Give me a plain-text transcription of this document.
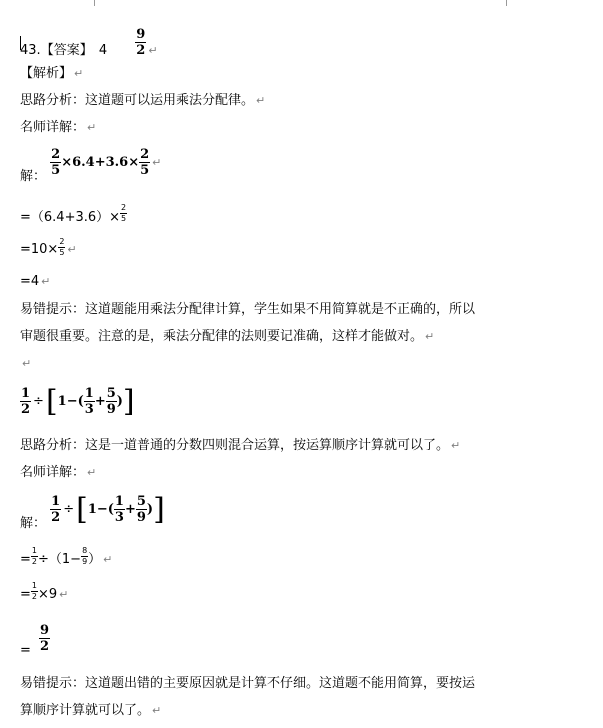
43.【答案】 $4 \frac{9}{2}$ ↵
【解析】 ↵
思路分析：这道题可以运用乘法分配律。 ↵
名师详解： ↵
解： $\frac{2}{5} \times 6.4+3.6\times \frac{2}{5}$ ↵
$=(6.4+3.6)\times \frac{2}{5}$
$=10\times \frac{2}{5}$ ↵
=4 ↵
易错提示：这道题能用乘法分配律计算，学生如果不用简算就是不正确的，所以
审题很重要。注意的是，乘法分配律的法则要记准确，这样才能做对。 ↵
↵
$\frac{1}{2} \div[1-( \frac{1}{3} + \frac{5}{9}$ )]
思路分析：这是一道普通的分数四则混合运算，按运算顺序计算就可以了。 ↵
名师详解： ↵
解： $\frac{1}{2} \div[1-( \frac{1}{3} + \frac{5}{9}$ )]
= $\frac{1}{2} \div(1- \frac{8}{9}$ ） ↵
= $\frac{1}{2} \times 9$ ↵
= $\frac{9}{2}$
易错提示：这道题出错的主要原因就是计算不仔细。这道题不能用简算，要按运
算顺序计算就可以了。 ↵
